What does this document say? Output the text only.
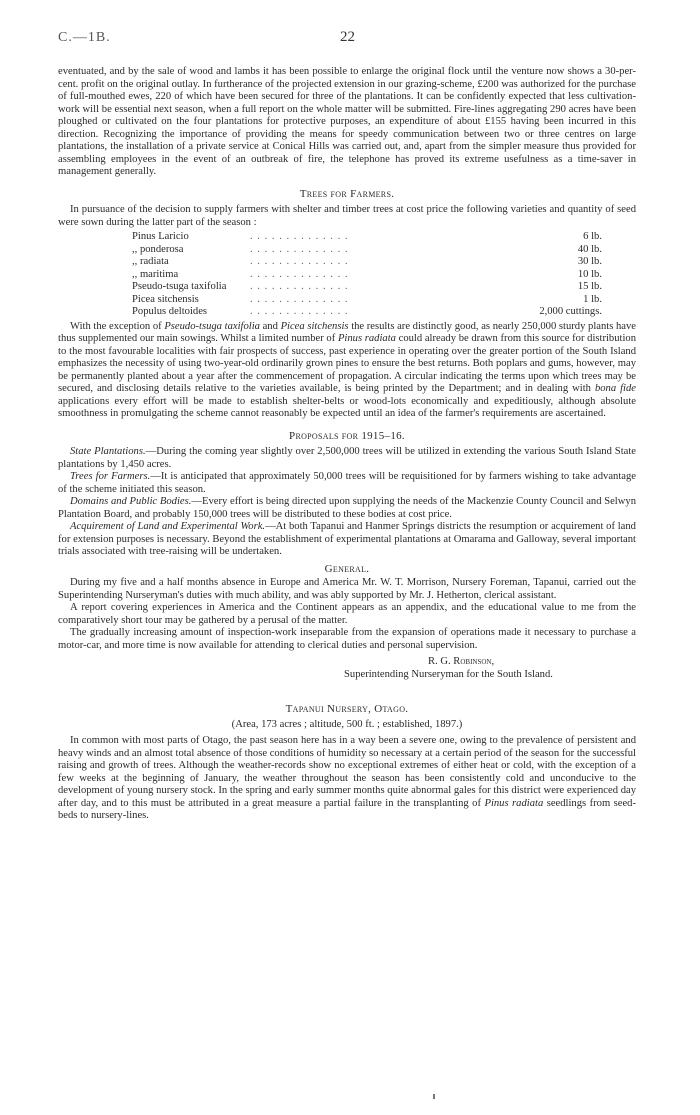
C.—1B.	22

eventuated, and by the sale of wood and lambs it has been possible to enlarge the original flock until the venture now shows a 30-per-cent. profit on the original outlay. In furtherance of the projected extension in our grazing-scheme, £200 was authorized for the purchase of full-mouthed ewes, 220 of which have been secured for three of the plantations. It can be confidently expected that less cultivation-work will be essential next season, when a full report on the whole matter will be submitted. Fire-lines aggregating 290 acres have been ploughed or cultivated on the four plantations for protective purposes, an expenditure of about £155 having been incurred in this direction. Recognizing the importance of providing the means for speedy communication between two or three centres on large plantations, the installation of a private service at Conical Hills was carried out, and, apart from the simpler measure thus provided for assembling employees in the event of an outbreak of fire, the telephone has proved its extreme usefulness as a time-saver in management generally.

Trees for Farmers.

In pursuance of the decision to supply farmers with shelter and timber trees at cost price the following varieties and quantity of seed were sown during the latter part of the season :

Pinus Laricio	. . . . . . . . . . . . . .	6 lb.
,, ponderosa	. . . . . . . . . . . . . .	40 lb.
,, radiata	. . . . . . . . . . . . . .	30 lb.
,, maritima	. . . . . . . . . . . . . .	10 lb.
Pseudo-tsuga taxifolia	. . . . . . . . . . . . . .	15 lb.
Picea sitchensis	. . . . . . . . . . . . . .	1 lb.
Populus deltoides	. . . . . . . . . . . . . .	2,000 cuttings.

With the exception of Pseudo-tsuga taxifolia and Picea sitchensis the results are distinctly good, as nearly 250,000 sturdy plants have thus supplemented our main sowings. Whilst a limited number of Pinus radiata could already be drawn from this source for distribution to the most favourable localities with fair prospects of success, past experience in operating over the greater portion of the South Island emphasizes the necessity of using two-year-old ordinarily grown pines to ensure the best returns. Both poplars and gums, however, may be permanently planted about a year after the commencement of propagation. A circular indicating the terms upon which trees may be secured, and disclosing details relative to the varieties available, is being printed by the Department; and in dealing with bona fide applications every effort will be made to establish shelter-belts or wood-lots economically and expeditiously, although absolute smoothness in promulgating the scheme cannot reasonably be expected until an idea of the farmer's requirements are ascertained.

Proposals for 1915–16.

State Plantations.—During the coming year slightly over 2,500,000 trees will be utilized in extending the various South Island State plantations by 1,450 acres.

Trees for Farmers.—It is anticipated that approximately 50,000 trees will be requisitioned for by farmers wishing to take advantage of the scheme initiated this season.

Domains and Public Bodies.—Every effort is being directed upon supplying the needs of the Mackenzie County Council and Selwyn Plantation Board, and probably 150,000 trees will be distributed to these bodies at cost price.

Acquirement of Land and Experimental Work.—At both Tapanui and Hanmer Springs districts the resumption or acquirement of land for extension purposes is necessary. Beyond the establishment of experimental plantations at Omarama and Galloway, several important trials associated with tree-raising will be undertaken.

General.

During my five and a half months absence in Europe and America Mr. W. T. Morrison, Nursery Foreman, Tapanui, carried out the Superintending Nurseryman's duties with much ability, and was ably supported by Mr. J. Hetherton, clerical assistant.

A report covering experiences in America and the Continent appears as an appendix, and the educational value to me from the comparatively short tour may be gathered by a perusal of the matter.

The gradually increasing amount of inspection-work inseparable from the expansion of operations made it necessary to purchase a motor-car, and more time is now available for attending to clerical duties and personal supervision.

R. G. Robinson,
Superintending Nurseryman for the South Island.
Tapanui Nursery, Otago.
(Area, 173 acres ; altitude, 500 ft. ; established, 1897.)

In common with most parts of Otago, the past season here has in a way been a severe one, owing to the prevalence of persistent and heavy winds and an almost total absence of those conditions of humidity so necessary at a certain period of the season for the successful raising and growth of trees. Although the weather-records show no exceptional extremes of either heat or cold, with the exception of a few weeks at the beginning of January, the weather throughout the season has been consistently cold and unconducive to the development of young nursery stock. In the spring and early summer months quite abnormal gales for this district were experienced day after day, and to this must be attributed in a great measure a partial failure in the transplanting of Pinus radiata seedlings from seed-beds to nursery-lines.
